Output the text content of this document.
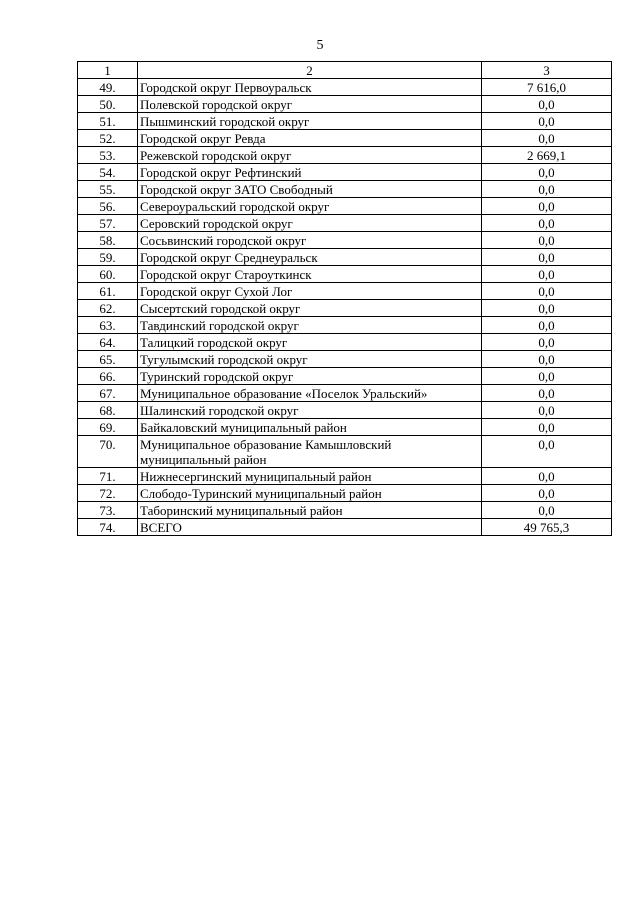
5
1	2	3
49.	Городской округ Первоуральск	7 616,0
50.	Полевской городской округ	0,0
51.	Пышминский городской округ	0,0
52.	Городской округ Ревда	0,0
53.	Режевской городской округ	2 669,1
54.	Городской округ Рефтинский	0,0
55.	Городской округ ЗАТО Свободный	0,0
56.	Североуральский городской округ	0,0
57.	Серовский городской округ	0,0
58.	Сосьвинский городской округ	0,0
59.	Городской округ Среднеуральск	0,0
60.	Городской округ Староуткинск	0,0
61.	Городской округ Сухой Лог	0,0
62.	Сысертский городской округ	0,0
63.	Тавдинский городской округ	0,0
64.	Талицкий городской округ	0,0
65.	Тугулымский городской округ	0,0
66.	Туринский городской округ	0,0
67.	Муниципальное образование «Поселок Уральский»	0,0
68.	Шалинский городской округ	0,0
69.	Байкаловский муниципальный район	0,0
70.	Муниципальное образование Камышловский муниципальный район	0,0
71.	Нижнесергинский муниципальный район	0,0
72.	Слободо-Туринский муниципальный район	0,0
73.	Таборинский муниципальный район	0,0
74.	ВСЕГО	49 765,3
